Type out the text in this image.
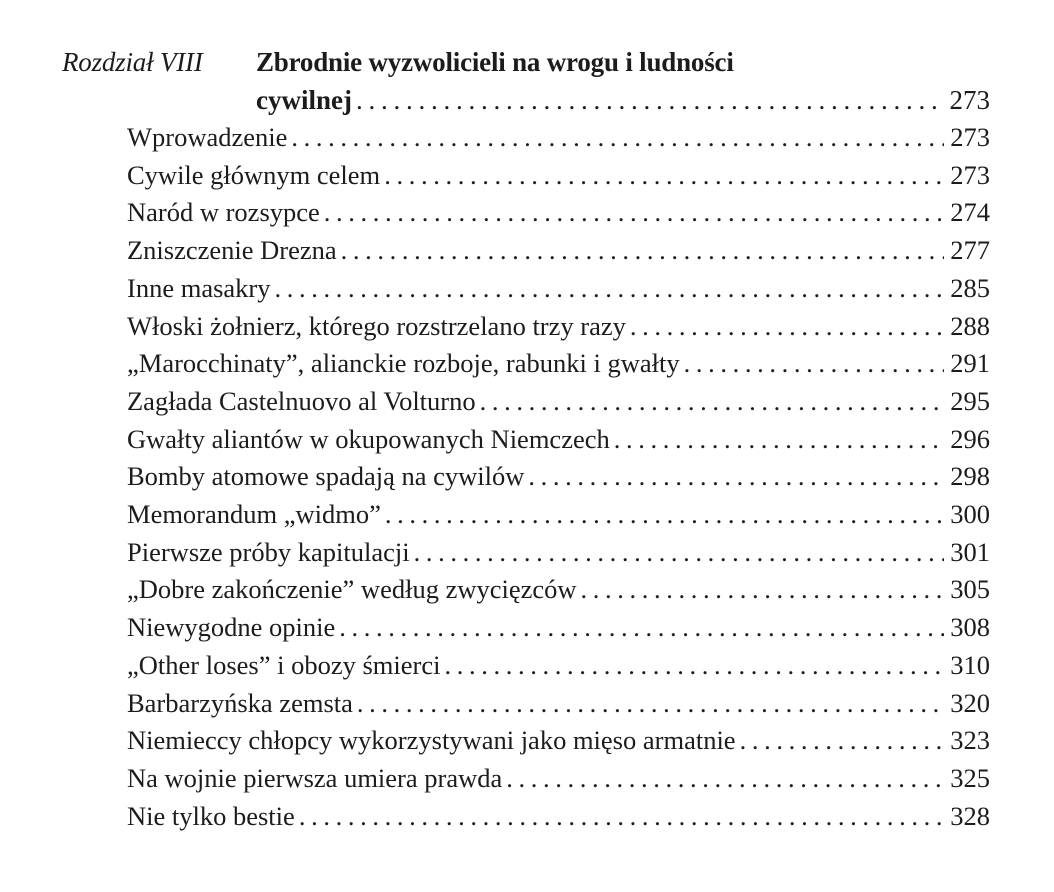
Rozdział VIII Zbrodnie wyzwolicieli na wrogu i ludności
cywilnej . . .	273
Wprowadzenie . . .	273
Cywile głównym celem . . .	273
Naród w rozsypce . . .	274
Zniszczenie Drezna . . .	277
Inne masakry . . .	285
Włoski żołnierz, którego rozstrzelano trzy razy . . .	288
„Marocchinaty”, alianckie rozboje, rabunki i gwałty . . .	291
Zagłada Castelnuovo al Volturno . . .	295
Gwałty aliantów w okupowanych Niemczech . . .	296
Bomby atomowe spadają na cywilów . . .	298
Memorandum „widmo” . . .	300
Pierwsze próby kapitulacji . . .	301
„Dobre zakończenie” według zwycięzców . . .	305
Niewygodne opinie . . .	308
„Other loses” i obozy śmierci . . .	310
Barbarzyńska zemsta . . .	320
Niemieccy chłopcy wykorzystywani jako mięso armatnie . . .	323
Na wojnie pierwsza umiera prawda . . .	325
Nie tylko bestie . . .	328
